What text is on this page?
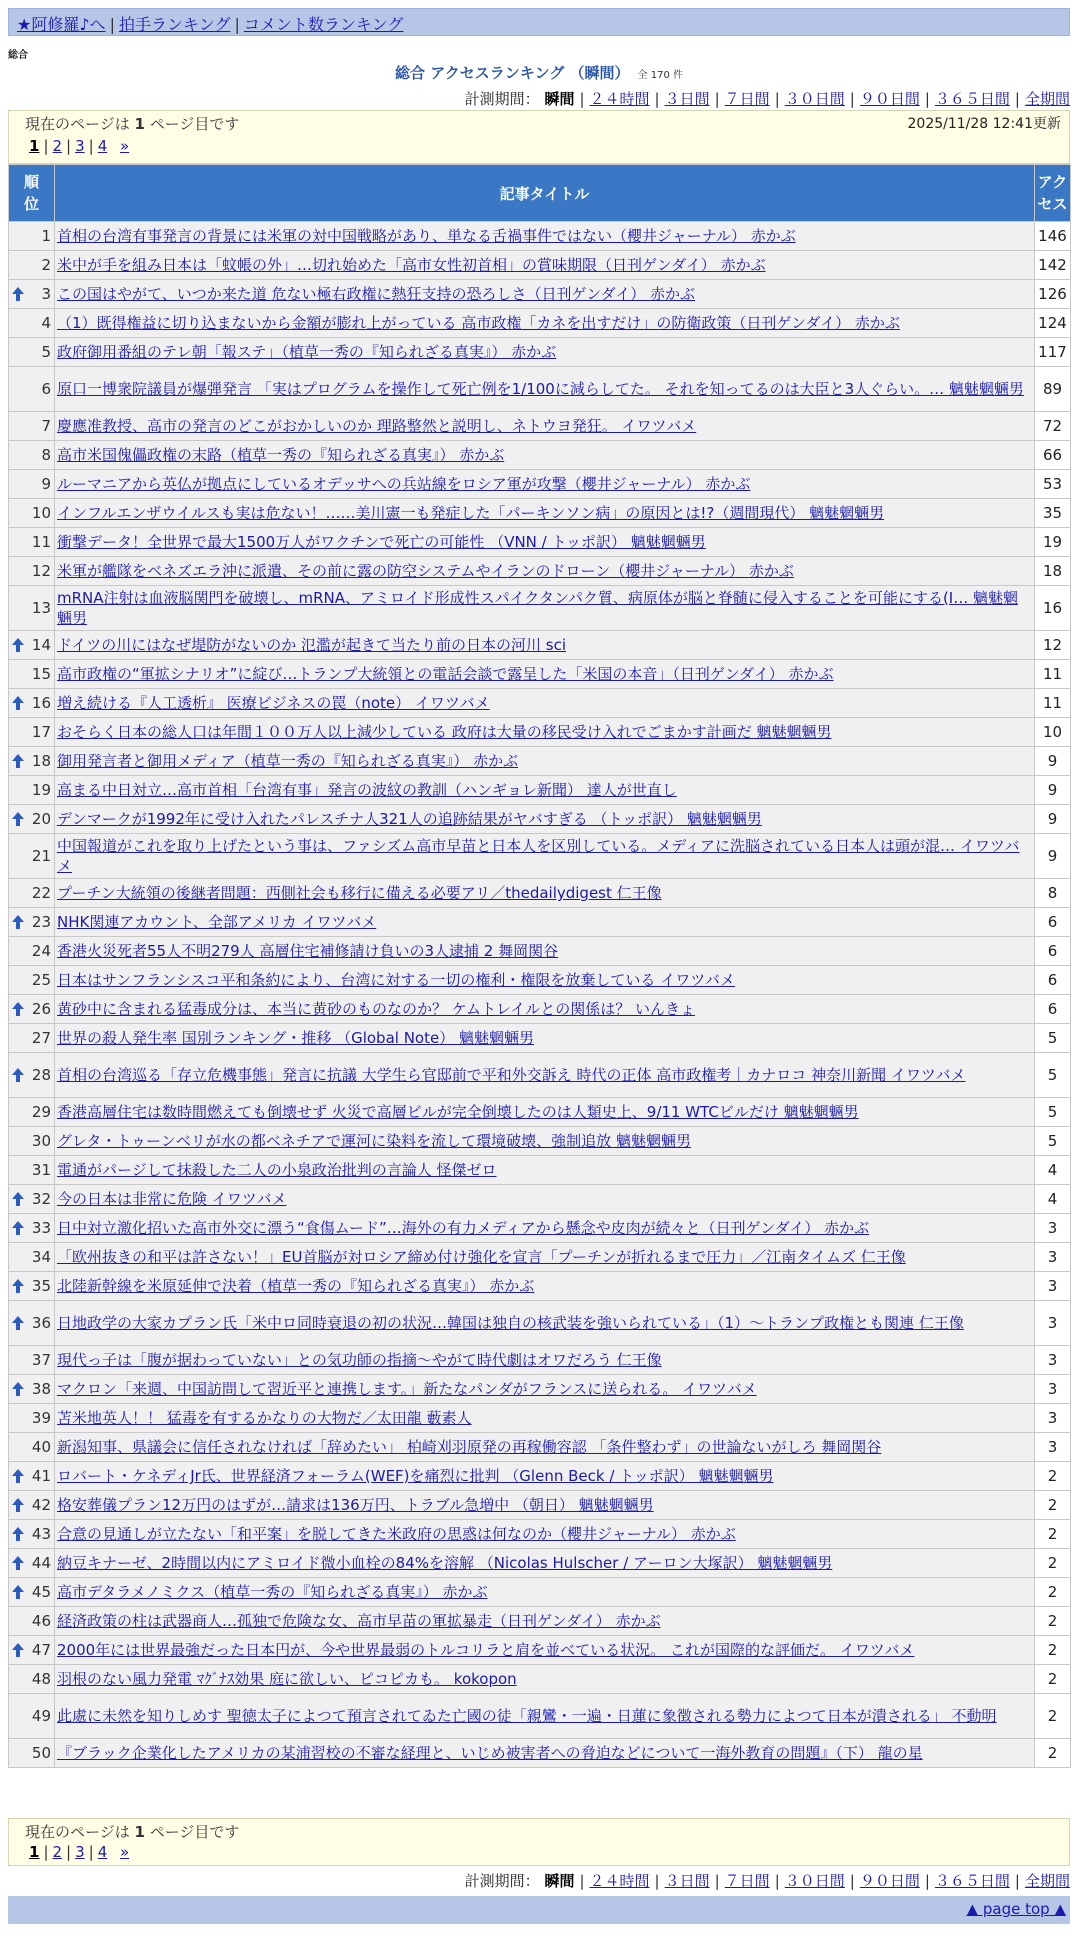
★阿修羅♪へ | 拍手ランキング | コメント数ランキング
総合
総合 アクセスランキング （瞬間） 全 170 件
計測期間： 瞬間 | ２４時間 | ３日間 | ７日間 | ３０日間 | ９０日間 | ３６５日間 | 全期間
現在のページは 1 ページ目です	2025/11/28 12:41更新
1 | 2 | 3 | 4 »
順位	記事タイトル	アクセス
1	首相の台湾有事発言の背景には米軍の対中国戦略があり、単なる舌禍事件ではない（櫻井ジャーナル） 赤かぶ	146
2	米中が手を組み日本は「蚊帳の外」…切れ始めた「高市女性初首相」の賞味期限（日刊ゲンダイ） 赤かぶ	142

3	この国はやがて、いつか来た道 危ない極右政権に熱狂支持の恐ろしさ（日刊ゲンダイ） 赤かぶ	126
4	（1）既得権益に切り込まないから金額が膨れ上がっている 高市政権「カネを出すだけ」の防衛政策（日刊ゲンダイ） 赤かぶ	124
5	政府御用番組のテレ朝「報ステ」（植草一秀の『知られざる真実』） 赤かぶ	117
6	原口一博衆院議員が爆弾発言 「実はプログラムを操作して死亡例を1/100に減らしてた。 それを知ってるのは大臣と3人ぐらい。… 魑魅魍魎男	89
7	慶應准教授、高市の発言のどこがおかしいのか 理路整然と説明し、ネトウヨ発狂。 イワツバメ	72
8	高市米国傀儡政権の末路（植草一秀の『知られざる真実』） 赤かぶ	66
9	ルーマニアから英仏が拠点にしているオデッサへの兵站線をロシア軍が攻撃（櫻井ジャーナル） 赤かぶ	53
10	インフルエンザウイルスも実は危ない！……美川憲一も発症した「パーキンソン病」の原因とは!?（週間現代） 魑魅魍魎男	35
11	衝撃データ！全世界で最大1500万人がワクチンで死亡の可能性 （VNN / トッポ訳） 魑魅魍魎男	19
12	米軍が艦隊をベネズエラ沖に派遣、その前に露の防空システムやイランのドローン（櫻井ジャーナル） 赤かぶ	18
13	mRNA注射は血液脳関門を破壊し、mRNA、アミロイド形成性スパイクタンパク質、病原体が脳と脊髄に侵入することを可能にする(I… 魑魅魍魎男	16

14	ドイツの川にはなぜ堤防がないのか 氾濫が起きて当たり前の日本の河川 sci	12
15	高市政権の“軍拡シナリオ”に綻び…トランプ大統領との電話会談で露呈した「米国の本音」（日刊ゲンダイ） 赤かぶ	11

16	増え続ける『人工透析』 医療ビジネスの罠（note） イワツバメ	11
17	おそらく日本の総人口は年間１００万人以上減少している 政府は大量の移民受け入れでごまかす計画だ 魑魅魍魎男	10

18	御用発言者と御用メディア（植草一秀の『知られざる真実』） 赤かぶ	9
19	高まる中日対立…高市首相「台湾有事」発言の波紋の教訓（ハンギョレ新聞） 達人が世直し	9

20	デンマークが1992年に受け入れたパレスチナ人321人の追跡結果がヤバすぎる （トッポ訳） 魑魅魍魎男	9
21	中国報道がこれを取り上げたという事は、ファシズム高市早苗と日本人を区別している。メディアに洗脳されている日本人は頭が混… イワツバメ	9
22	プーチン大統領の後継者問題：西側社会も移行に備える必要アリ／thedailydigest 仁王像	8

23	NHK関連アカウント、全部アメリカ イワツバメ	6
24	香港火災死者55人不明279人 高層住宅補修請け負いの3人逮捕 2 舞岡関谷	6
25	日本はサンフランシスコ平和条約により、台湾に対する一切の権利・権限を放棄している イワツバメ	6

26	黄砂中に含まれる猛毒成分は、本当に黄砂のものなのか？ ケムトレイルとの関係は？ いんきょ	6
27	世界の殺人発生率 国別ランキング・推移 （Global Note） 魑魅魍魎男	5

28	首相の台湾巡る「存立危機事態」発言に抗議 大学生ら官邸前で平和外交訴え 時代の正体 高市政権考｜カナロコ 神奈川新聞 イワツバメ	5
29	香港高層住宅は数時間燃えても倒壊せず 火災で高層ビルが完全倒壊したのは人類史上、9/11 WTCビルだけ 魑魅魍魎男	5
30	グレタ・トゥーンベリが水の都ベネチアで運河に染料を流して環境破壊、強制追放 魑魅魍魎男	5
31	電通がパージして抹殺した二人の小泉政治批判の言論人 怪傑ゼロ	4

32	今の日本は非常に危険 イワツバメ	4

33	日中対立激化招いた高市外交に漂う“食傷ムード”…海外の有力メディアから懸念や皮肉が続々と（日刊ゲンダイ） 赤かぶ	3
34	「欧州抜きの和平は許さない！」EU首脳が対ロシア締め付け強化を宣言「プーチンが折れるまで圧力」／江南タイムズ 仁王像	3

35	北陸新幹線を米原延伸で決着（植草一秀の『知られざる真実』） 赤かぶ	3

36	日地政学の大家カプラン氏「米中ロ同時衰退の初の状況…韓国は独自の核武装を強いられている」（1）～トランプ政権とも関連 仁王像	3
37	現代っ子は「腹が据わっていない」との気功師の指摘～やがて時代劇はオワだろう 仁王像	3

38	マクロン「来週、中国訪問して習近平と連携します。」新たなパンダがフランスに送られる。 イワツバメ	3
39	苫米地英人！！ 猛毒を有するかなりの大物だ／太田龍 藪素人	3
40	新潟知事、県議会に信任されなければ「辞めたい」 柏崎刈羽原発の再稼働容認 「条件整わず」の世論ないがしろ 舞岡関谷	3

41	ロバート・ケネディJr氏、世界経済フォーラム(WEF)を痛烈に批判 （Glenn Beck / トッポ訳） 魑魅魍魎男	2

42	格安葬儀プラン12万円のはずが…請求は136万円、トラブル急増中 （朝日） 魑魅魍魎男	2

43	合意の見通しが立たない「和平案」を脱してきた米政府の思惑は何なのか（櫻井ジャーナル） 赤かぶ	2

44	納豆キナーゼ、2時間以内にアミロイド微小血栓の84%を溶解 （Nicolas Hulscher / アーロン大塚訳） 魑魅魍魎男	2

45	高市デタラメノミクス（植草一秀の『知られざる真実』） 赤かぶ	2
46	経済政策の柱は武器商人…孤独で危険な女、高市早苗の軍拡暴走（日刊ゲンダイ） 赤かぶ	2

47	2000年には世界最強だった日本円が、今や世界最弱のトルコリラと肩を並べている状況。 これが国際的な評価だ。 イワツバメ	2
48	羽根のない風力発電 ﾏｸﾞﾅｽ効果 庭に欲しい、ピコピカも。 kokopon	2
49	此處に未然を知りしめす 聖徳太子によつて預言されてゐた亡國の徒「親鸞・一遍・日蓮に象徴される勢力によつて日本が潰される」 不動明	2
50	『ブラック企業化したアメリカの某浦習校の不審な経理と、いじめ被害者への脅迫などについて一海外教育の問題』（下） 龍の星	2
現在のページは 1 ページ目です
1 | 2 | 3 | 4 »
計測期間： 瞬間 | ２４時間 | ３日間 | ７日間 | ３０日間 | ９０日間 | ３６５日間 | 全期間
▲ page top ▲
